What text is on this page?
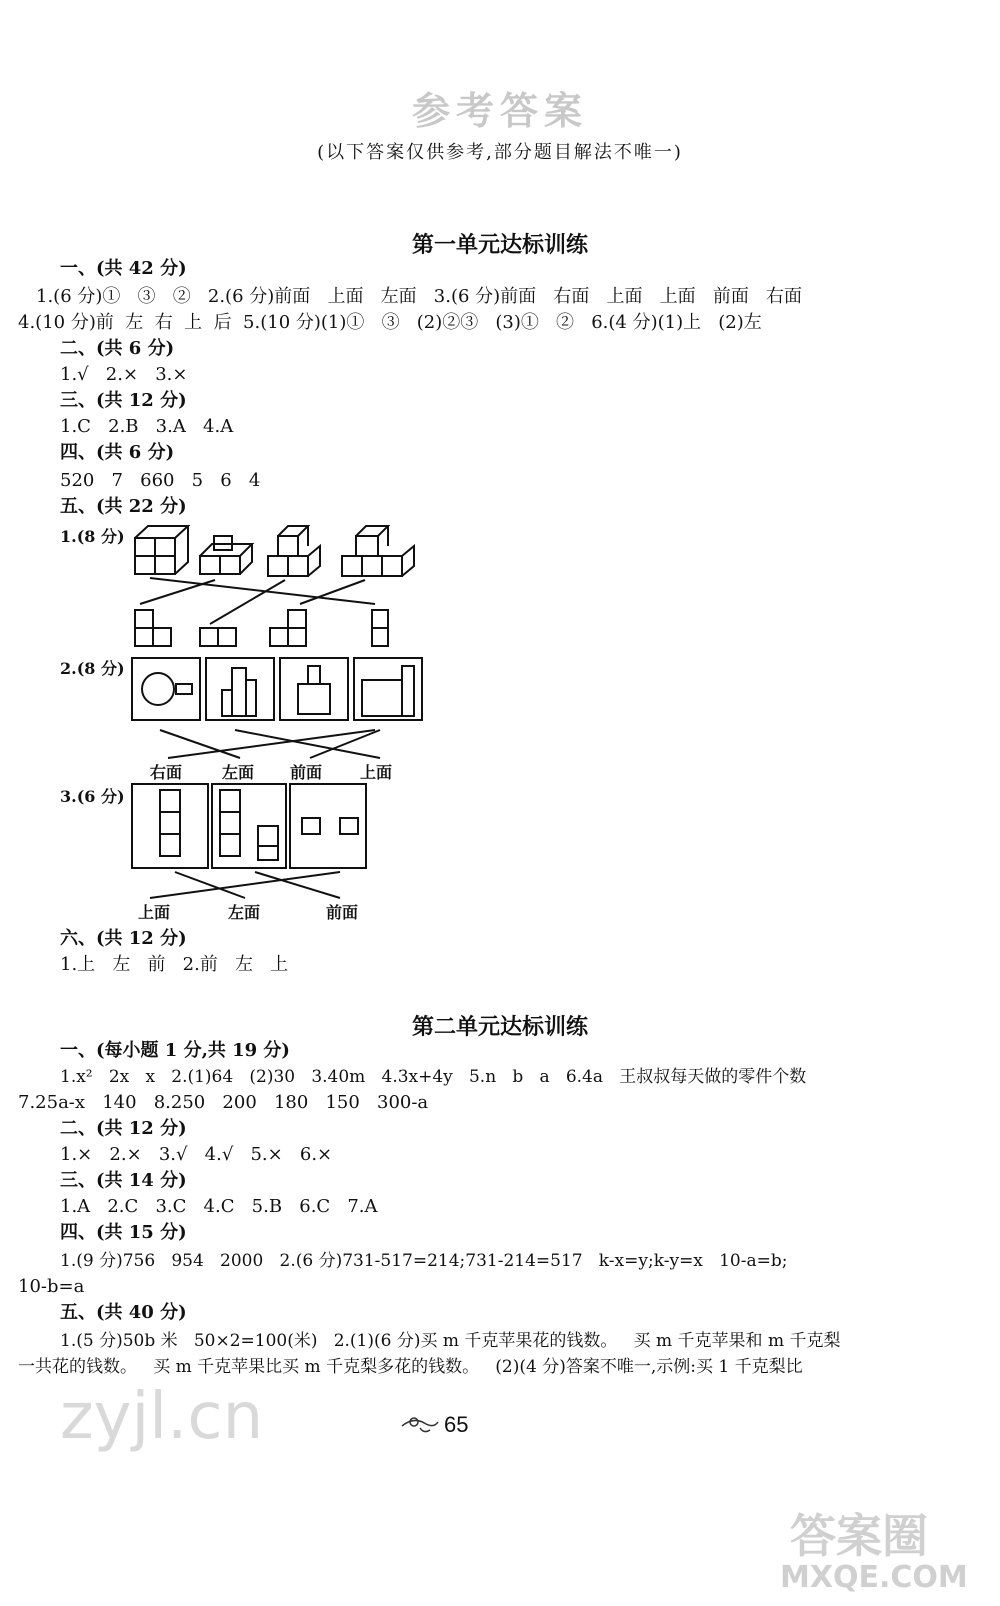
参考答案
(以下答案仅供参考,部分题目解法不唯一)
第一单元达标训练
一、(共 42 分)
1.(6 分)①   ③   ②   2.(6 分)前面   上面   左面   3.(6 分)前面   右面   上面   上面   前面   右面
4.(10 分)前  左  右  上  后  5.(10 分)(1)①   ③   (2)②③   (3)①   ②   6.(4 分)(1)上   (2)左
二、(共 6 分)
1.√   2.×   3.×
三、(共 12 分)
1.C   2.B   3.A   4.A
四、(共 6 分)
520   7   660   5   6   4
五、(共 22 分)
1.(8 分)
2.(8 分)
右面 左面 前面 上面
3.(6 分)
上面	左面	前面
六、(共 12 分)
1.上   左   前   2.前   左   上
第二单元达标训练
一、(每小题 1 分,共 19 分)
1.x²   2x   x   2.(1)64   (2)30   3.40m   4.3x+4y   5.n   b   a   6.4a   王叔叔每天做的零件个数
7.25a-x   140   8.250   200   180   150   300-a
二、(共 12 分)
1.×   2.×   3.√   4.√   5.×   6.×
三、(共 14 分)
1.A   2.C   3.C   4.C   5.B   6.C   7.A
四、(共 15 分)
1.(9 分)756   954   2000   2.(6 分)731-517=214;731-214=517   k-x=y;k-y=x   10-a=b;
10-b=a
五、(共 40 分)
1.(5 分)50b 米   50×2=100(米)   2.(1)(6 分)买 m 千克苹果花的钱数。   买 m 千克苹果和 m 千克梨
一共花的钱数。   买 m 千克苹果比买 m 千克梨多花的钱数。   (2)(4 分)答案不唯一,示例:买 1 千克梨比
zyjl.cn	65
答案圈
MXQE.COM
